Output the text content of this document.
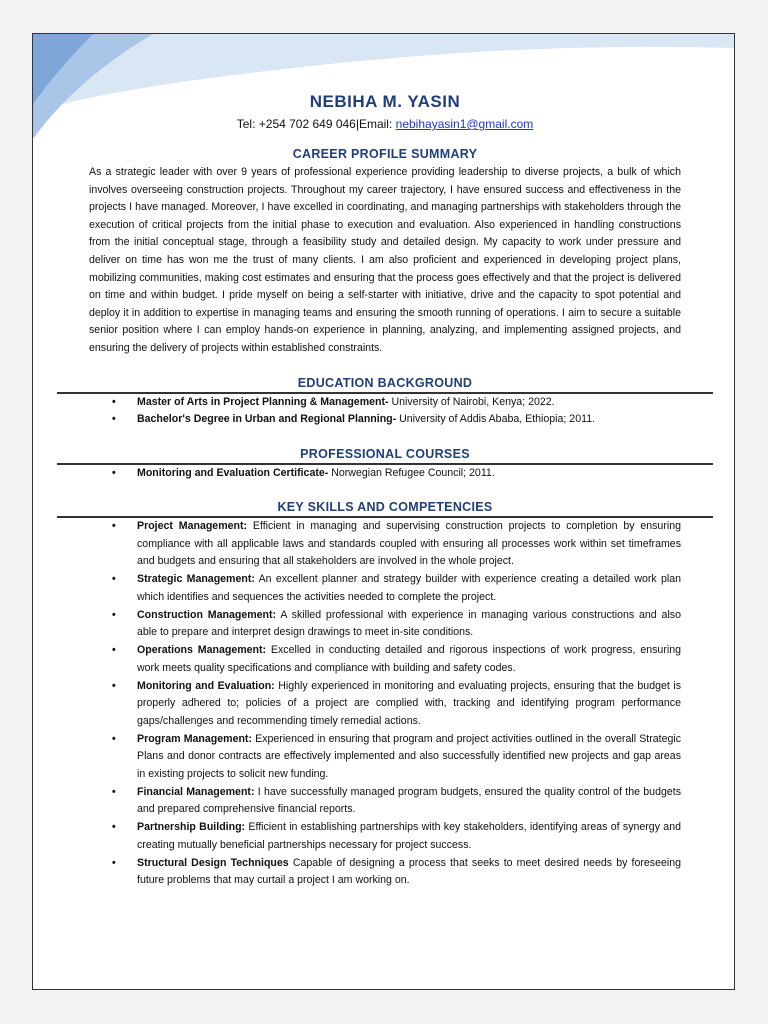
NEBIHA M. YASIN
Tel: +254 702 649 046|Email: nebihayasin1@gmail.com
CAREER PROFILE SUMMARY

As a strategic leader with over 9 years of professional experience providing leadership to diverse projects, a bulk of which involves overseeing construction projects. Throughout my career trajectory, I have ensured success and effectiveness in the projects I have managed. Moreover, I have excelled in coordinating, and managing partnerships with stakeholders through the execution of critical projects from the initial phase to execution and evaluation. Also experienced in handling constructions from the initial conceptual stage, through a feasibility study and detailed design. My capacity to work under pressure and deliver on time has won me the trust of many clients. I am also proficient and experienced in developing project plans, mobilizing communities, making cost estimates and ensuring that the process goes effectively and that the project is delivered on time and within budget. I pride myself on being a self-starter with initiative, drive and the capacity to spot potential and deploy it in addition to expertise in managing teams and ensuring the smooth running of operations. I aim to secure a suitable senior position where I can employ hands-on experience in planning, analyzing, and implementing assigned projects, and ensuring the delivery of projects within established constraints.

EDUCATION BACKGROUND
• Master of Arts in Project Planning & Management- University of Nairobi, Kenya; 2022.
• Bachelor's Degree in Urban and Regional Planning- University of Addis Ababa, Ethiopia; 2011.
PROFESSIONAL COURSES
• Monitoring and Evaluation Certificate- Norwegian Refugee Council; 2011.
KEY SKILLS AND COMPETENCIES
• Project Management: Efficient in managing and supervising construction projects to completion by ensuring compliance with all applicable laws and standards coupled with ensuring all processes work within set timeframes and budgets and ensuring that all stakeholders are involved in the whole project.
• Strategic Management: An excellent planner and strategy builder with experience creating a detailed work plan which identifies and sequences the activities needed to complete the project.
• Construction Management: A skilled professional with experience in managing various constructions and also able to prepare and interpret design drawings to meet in-site conditions.
• Operations Management: Excelled in conducting detailed and rigorous inspections of work progress, ensuring work meets quality specifications and compliance with building and safety codes.
• Monitoring and Evaluation: Highly experienced in monitoring and evaluating projects, ensuring that the budget is properly adhered to; policies of a project are complied with, tracking and identifying program performance gaps/challenges and recommending timely remedial actions.
• Program Management: Experienced in ensuring that program and project activities outlined in the overall Strategic Plans and donor contracts are effectively implemented and also successfully identified new projects and gap areas in existing projects to solicit new funding.
• Financial Management: I have successfully managed program budgets, ensured the quality control of the budgets and prepared comprehensive financial reports.
• Partnership Building: Efficient in establishing partnerships with key stakeholders, identifying areas of synergy and creating mutually beneficial partnerships necessary for project success.
• Structural Design Techniques Capable of designing a process that seeks to meet desired needs by foreseeing future problems that may curtail a project I am working on.
